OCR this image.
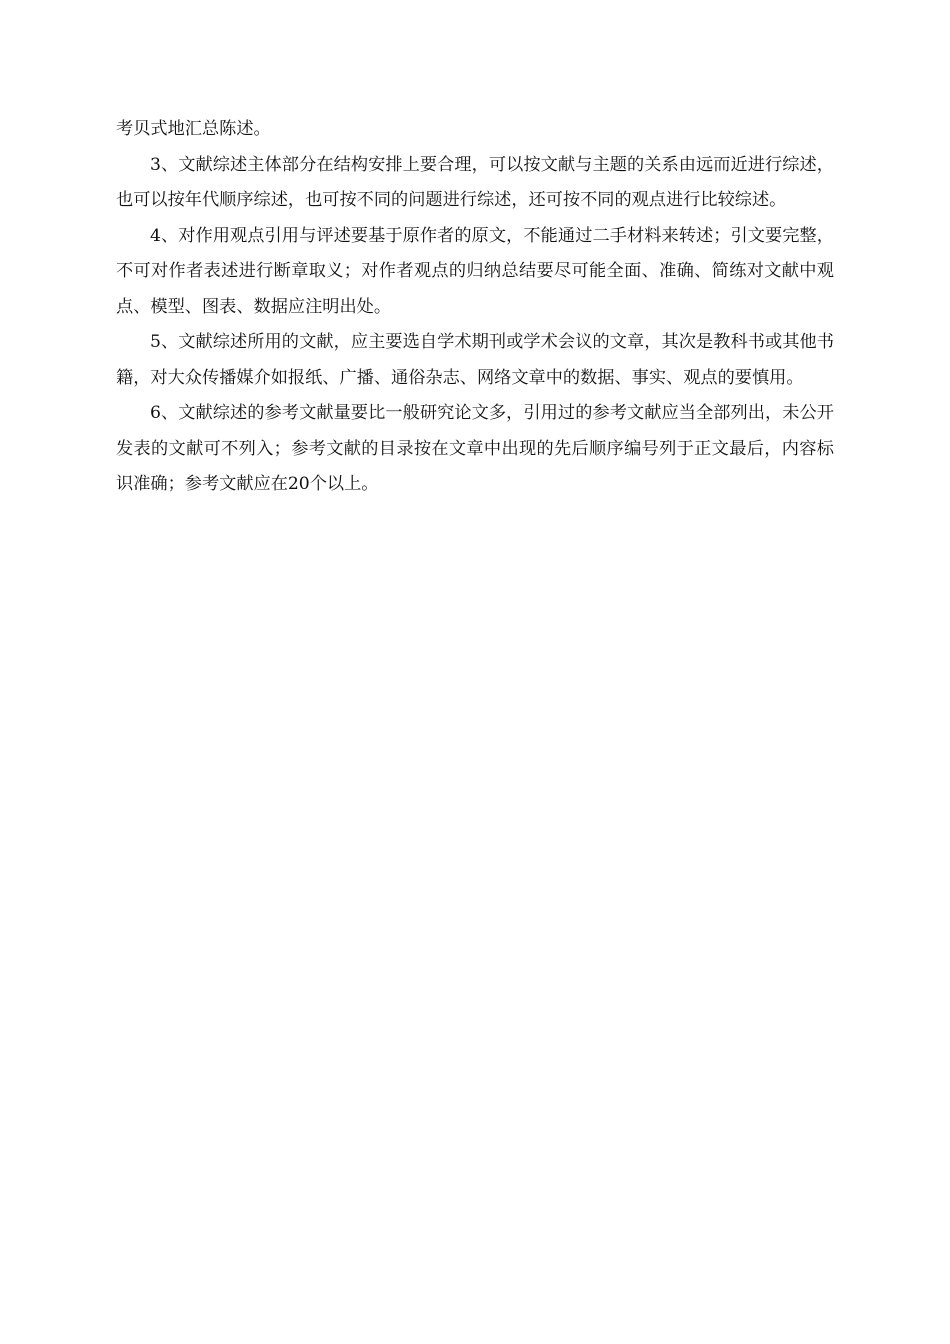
考贝式地汇总陈述。

3、文献综述主体部分在结构安排上要合理，可以按文献与主题的关系由远而近进行综述，也可以按年代顺序综述，也可按不同的问题进行综述，还可按不同的观点进行比较综述。

4、对作用观点引用与评述要基于原作者的原文，不能通过二手材料来转述；引文要完整，不可对作者表述进行断章取义；对作者观点的归纳总结要尽可能全面、准确、简练对文献中观点、模型、图表、数据应注明出处。

5、文献综述所用的文献，应主要选自学术期刊或学术会议的文章，其次是教科书或其他书籍，对大众传播媒介如报纸、广播、通俗杂志、网络文章中的数据、事实、观点的要慎用。

6、文献综述的参考文献量要比一般研究论文多，引用过的参考文献应当全部列出，未公开发表的文献可不列入；参考文献的目录按在文章中出现的先后顺序编号列于正文最后，内容标识准确；参考文献应在20个以上。
